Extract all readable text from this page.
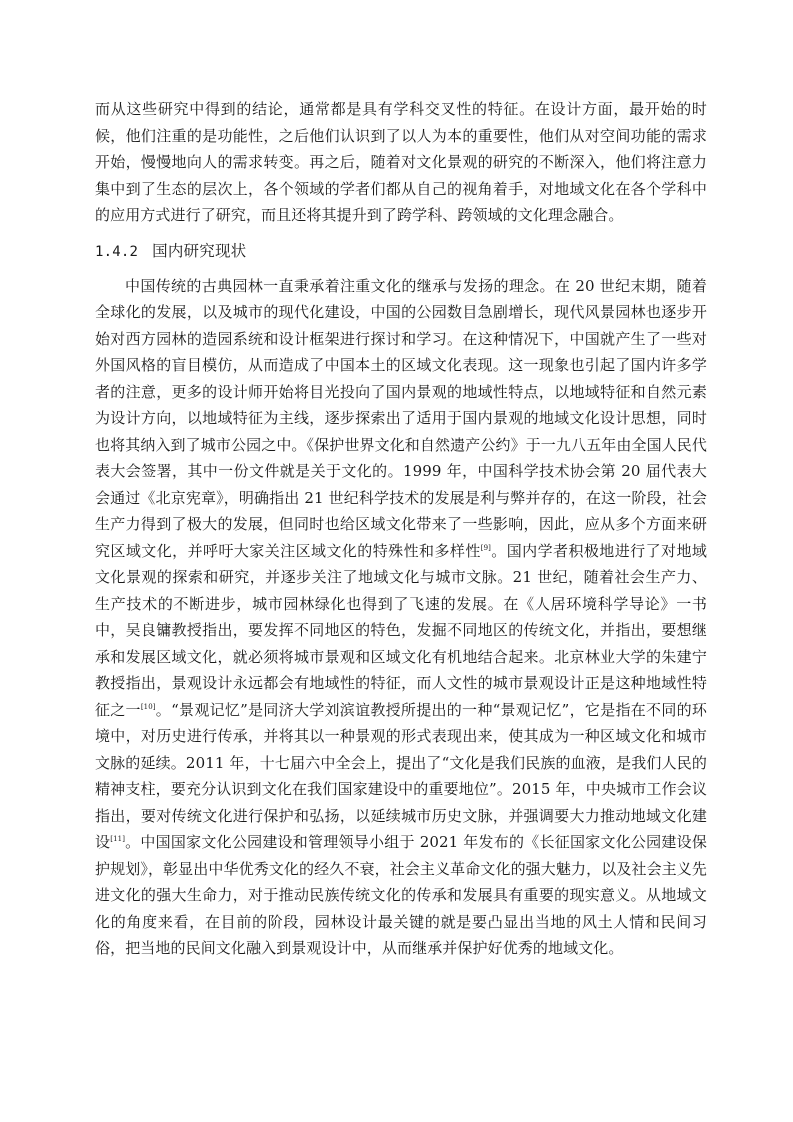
而从这些研究中得到的结论，通常都是具有学科交叉性的特征。在设计方面，最开始的时候，他们注重的是功能性，之后他们认识到了以人为本的重要性，他们从对空间功能的需求开始，慢慢地向人的需求转变。再之后，随着对文化景观的研究的不断深入，他们将注意力集中到了生态的层次上，各个领域的学者们都从自己的视角着手，对地域文化在各个学科中的应用方式进行了研究，而且还将其提升到了跨学科、跨领域的文化理念融合。

1.4.2 国内研究现状

中国传统的古典园林一直秉承着注重文化的继承与发扬的理念。在 20 世纪末期，随着全球化的发展，以及城市的现代化建设，中国的公园数目急剧增长，现代风景园林也逐步开始对西方园林的造园系统和设计框架进行探讨和学习。在这种情况下，中国就产生了一些对外国风格的盲目模仿，从而造成了中国本土的区域文化表现。这一现象也引起了国内许多学者的注意，更多的设计师开始将目光投向了国内景观的地域性特点，以地域特征和自然元素为设计方向，以地域特征为主线，逐步探索出了适用于国内景观的地域文化设计思想，同时也将其纳入到了城市公园之中。《保护世界文化和自然遗产公约》于一九八五年由全国人民代表大会签署，其中一份文件就是关于文化的。1999 年，中国科学技术协会第 20 届代表大会通过《北京宪章》，明确指出 21 世纪科学技术的发展是利与弊并存的，在这一阶段，社会生产力得到了极大的发展，但同时也给区域文化带来了一些影响，因此，应从多个方面来研究区域文化，并呼吁大家关注区域文化的特殊性和多样性[9]。国内学者积极地进行了对地域文化景观的探索和研究，并逐步关注了地域文化与城市文脉。21 世纪，随着社会生产力、生产技术的不断进步，城市园林绿化也得到了飞速的发展。在《人居环境科学导论》一书中，吴良镛教授指出，要发挥不同地区的特色，发掘不同地区的传统文化，并指出，要想继承和发展区域文化，就必须将城市景观和区域文化有机地结合起来。北京林业大学的朱建宁教授指出，景观设计永远都会有地域性的特征，而人文性的城市景观设计正是这种地域性特征之一[10]。“景观记忆”是同济大学刘滨谊教授所提出的一种“景观记忆”，它是指在不同的环境中，对历史进行传承，并将其以一种景观的形式表现出来，使其成为一种区域文化和城市文脉的延续。2011 年，十七届六中全会上，提出了“文化是我们民族的血液，是我们人民的精神支柱，要充分认识到文化在我们国家建设中的重要地位”。2015 年，中央城市工作会议指出，要对传统文化进行保护和弘扬，以延续城市历史文脉，并强调要大力推动地域文化建设[11]。中国国家文化公园建设和管理领导小组于 2021 年发布的《长征国家文化公园建设保护规划》，彰显出中华优秀文化的经久不衰，社会主义革命文化的强大魅力，以及社会主义先进文化的强大生命力，对于推动民族传统文化的传承和发展具有重要的现实意义。从地域文化的角度来看，在目前的阶段，园林设计最关键的就是要凸显出当地的风土人情和民间习俗，把当地的民间文化融入到景观设计中，从而继承并保护好优秀的地域文化。
